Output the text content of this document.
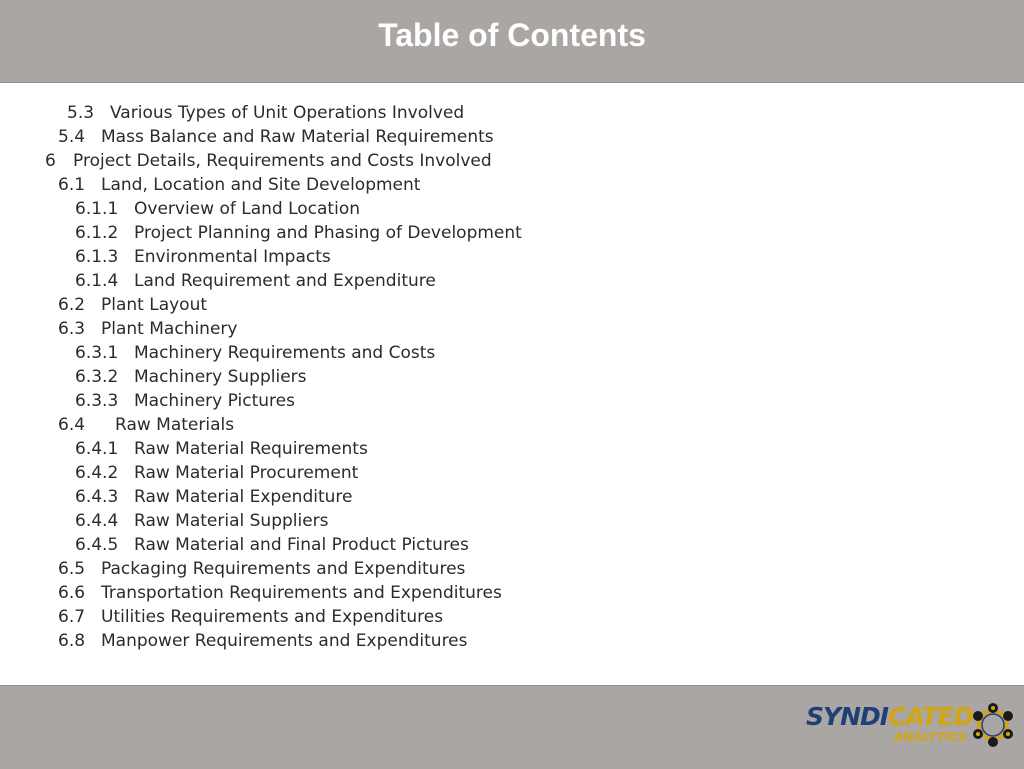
Table of Contents
5.3 Various Types of Unit Operations Involved
5.4 Mass Balance and Raw Material Requirements
6 Project Details, Requirements and Costs Involved
6.1 Land, Location and Site Development
6.1.1 Overview of Land Location
6.1.2 Project Planning and Phasing of Development
6.1.3 Environmental Impacts
6.1.4 Land Requirement and Expenditure
6.2 Plant Layout
6.3 Plant Machinery
6.3.1 Machinery Requirements and Costs
6.3.2 Machinery Suppliers
6.3.3 Machinery Pictures
6.4 Raw Materials
6.4.1 Raw Material Requirements
6.4.2 Raw Material Procurement
6.4.3 Raw Material Expenditure
6.4.4 Raw Material Suppliers
6.4.5 Raw Material and Final Product Pictures
6.5 Packaging Requirements and Expenditures
6.6 Transportation Requirements and Expenditures
6.7 Utilities Requirements and Expenditures
6.8 Manpower Requirements and Expenditures
SYNDICATED
ANALYTICS
